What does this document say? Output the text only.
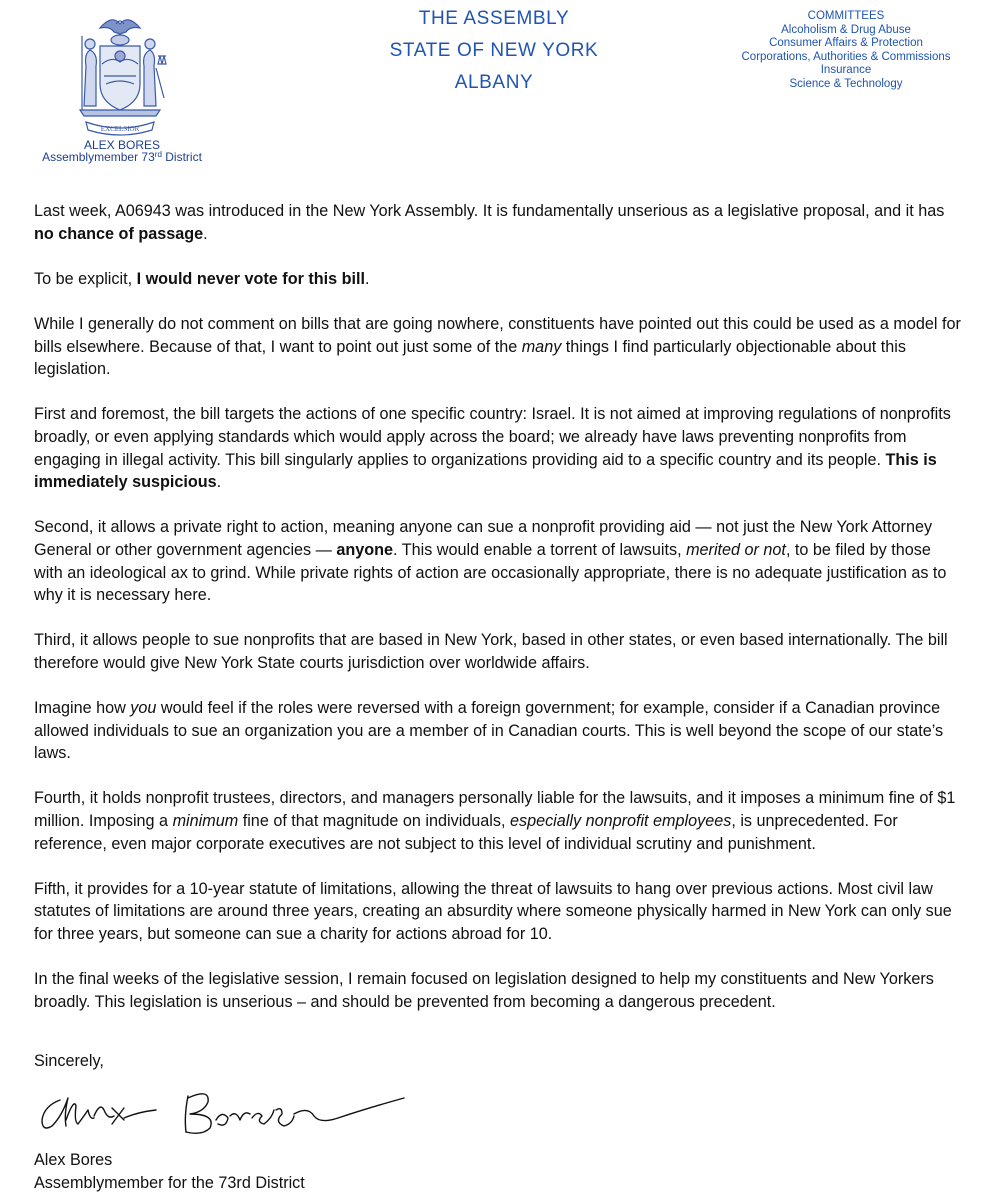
EXCELSIOR
ALEX BORES
Assemblymember 73rd District
THE ASSEMBLY
STATE OF NEW YORK
ALBANY
COMMITTEES
Alcoholism & Drug Abuse
Consumer Affairs & Protection
Corporations, Authorities & Commissions
Insurance
Science & Technology

Last week, A06943 was introduced in the New York Assembly. It is fundamentally unserious as a legislative proposal, and it has no chance of passage.

To be explicit, I would never vote for this bill.

While I generally do not comment on bills that are going nowhere, constituents have pointed out this could be used as a model for bills elsewhere. Because of that, I want to point out just some of the many things I find particularly objectionable about this legislation.

First and foremost, the bill targets the actions of one specific country: Israel. It is not aimed at improving regulations of nonprofits broadly, or even applying standards which would apply across the board; we already have laws preventing nonprofits from engaging in illegal activity. This bill singularly applies to organizations providing aid to a specific country and its people. This is immediately suspicious.

Second, it allows a private right to action, meaning anyone can sue a nonprofit providing aid — not just the New York Attorney General or other government agencies — anyone. This would enable a torrent of lawsuits, merited or not, to be filed by those with an ideological ax to grind. While private rights of action are occasionally appropriate, there is no adequate justification as to why it is necessary here.

Third, it allows people to sue nonprofits that are based in New York, based in other states, or even based internationally. The bill therefore would give New York State courts jurisdiction over worldwide affairs.

Imagine how you would feel if the roles were reversed with a foreign government; for example, consider if a Canadian province allowed individuals to sue an organization you are a member of in Canadian courts. This is well beyond the scope of our state’s laws.

Fourth, it holds nonprofit trustees, directors, and managers personally liable for the lawsuits, and it imposes a minimum fine of $1 million. Imposing a minimum fine of that magnitude on individuals, especially nonprofit employees, is unprecedented. For reference, even major corporate executives are not subject to this level of individual scrutiny and punishment.

Fifth, it provides for a 10-year statute of limitations, allowing the threat of lawsuits to hang over previous actions. Most civil law statutes of limitations are around three years, creating an absurdity where someone physically harmed in New York can only sue for three years, but someone can sue a charity for actions abroad for 10.

In the final weeks of the legislative session, I remain focused on legislation designed to help my constituents and New Yorkers broadly. This legislation is unserious – and should be prevented from becoming a dangerous precedent.

Sincerely,
Alex Bores
Alex Bores
Assemblymember for the 73rd District
